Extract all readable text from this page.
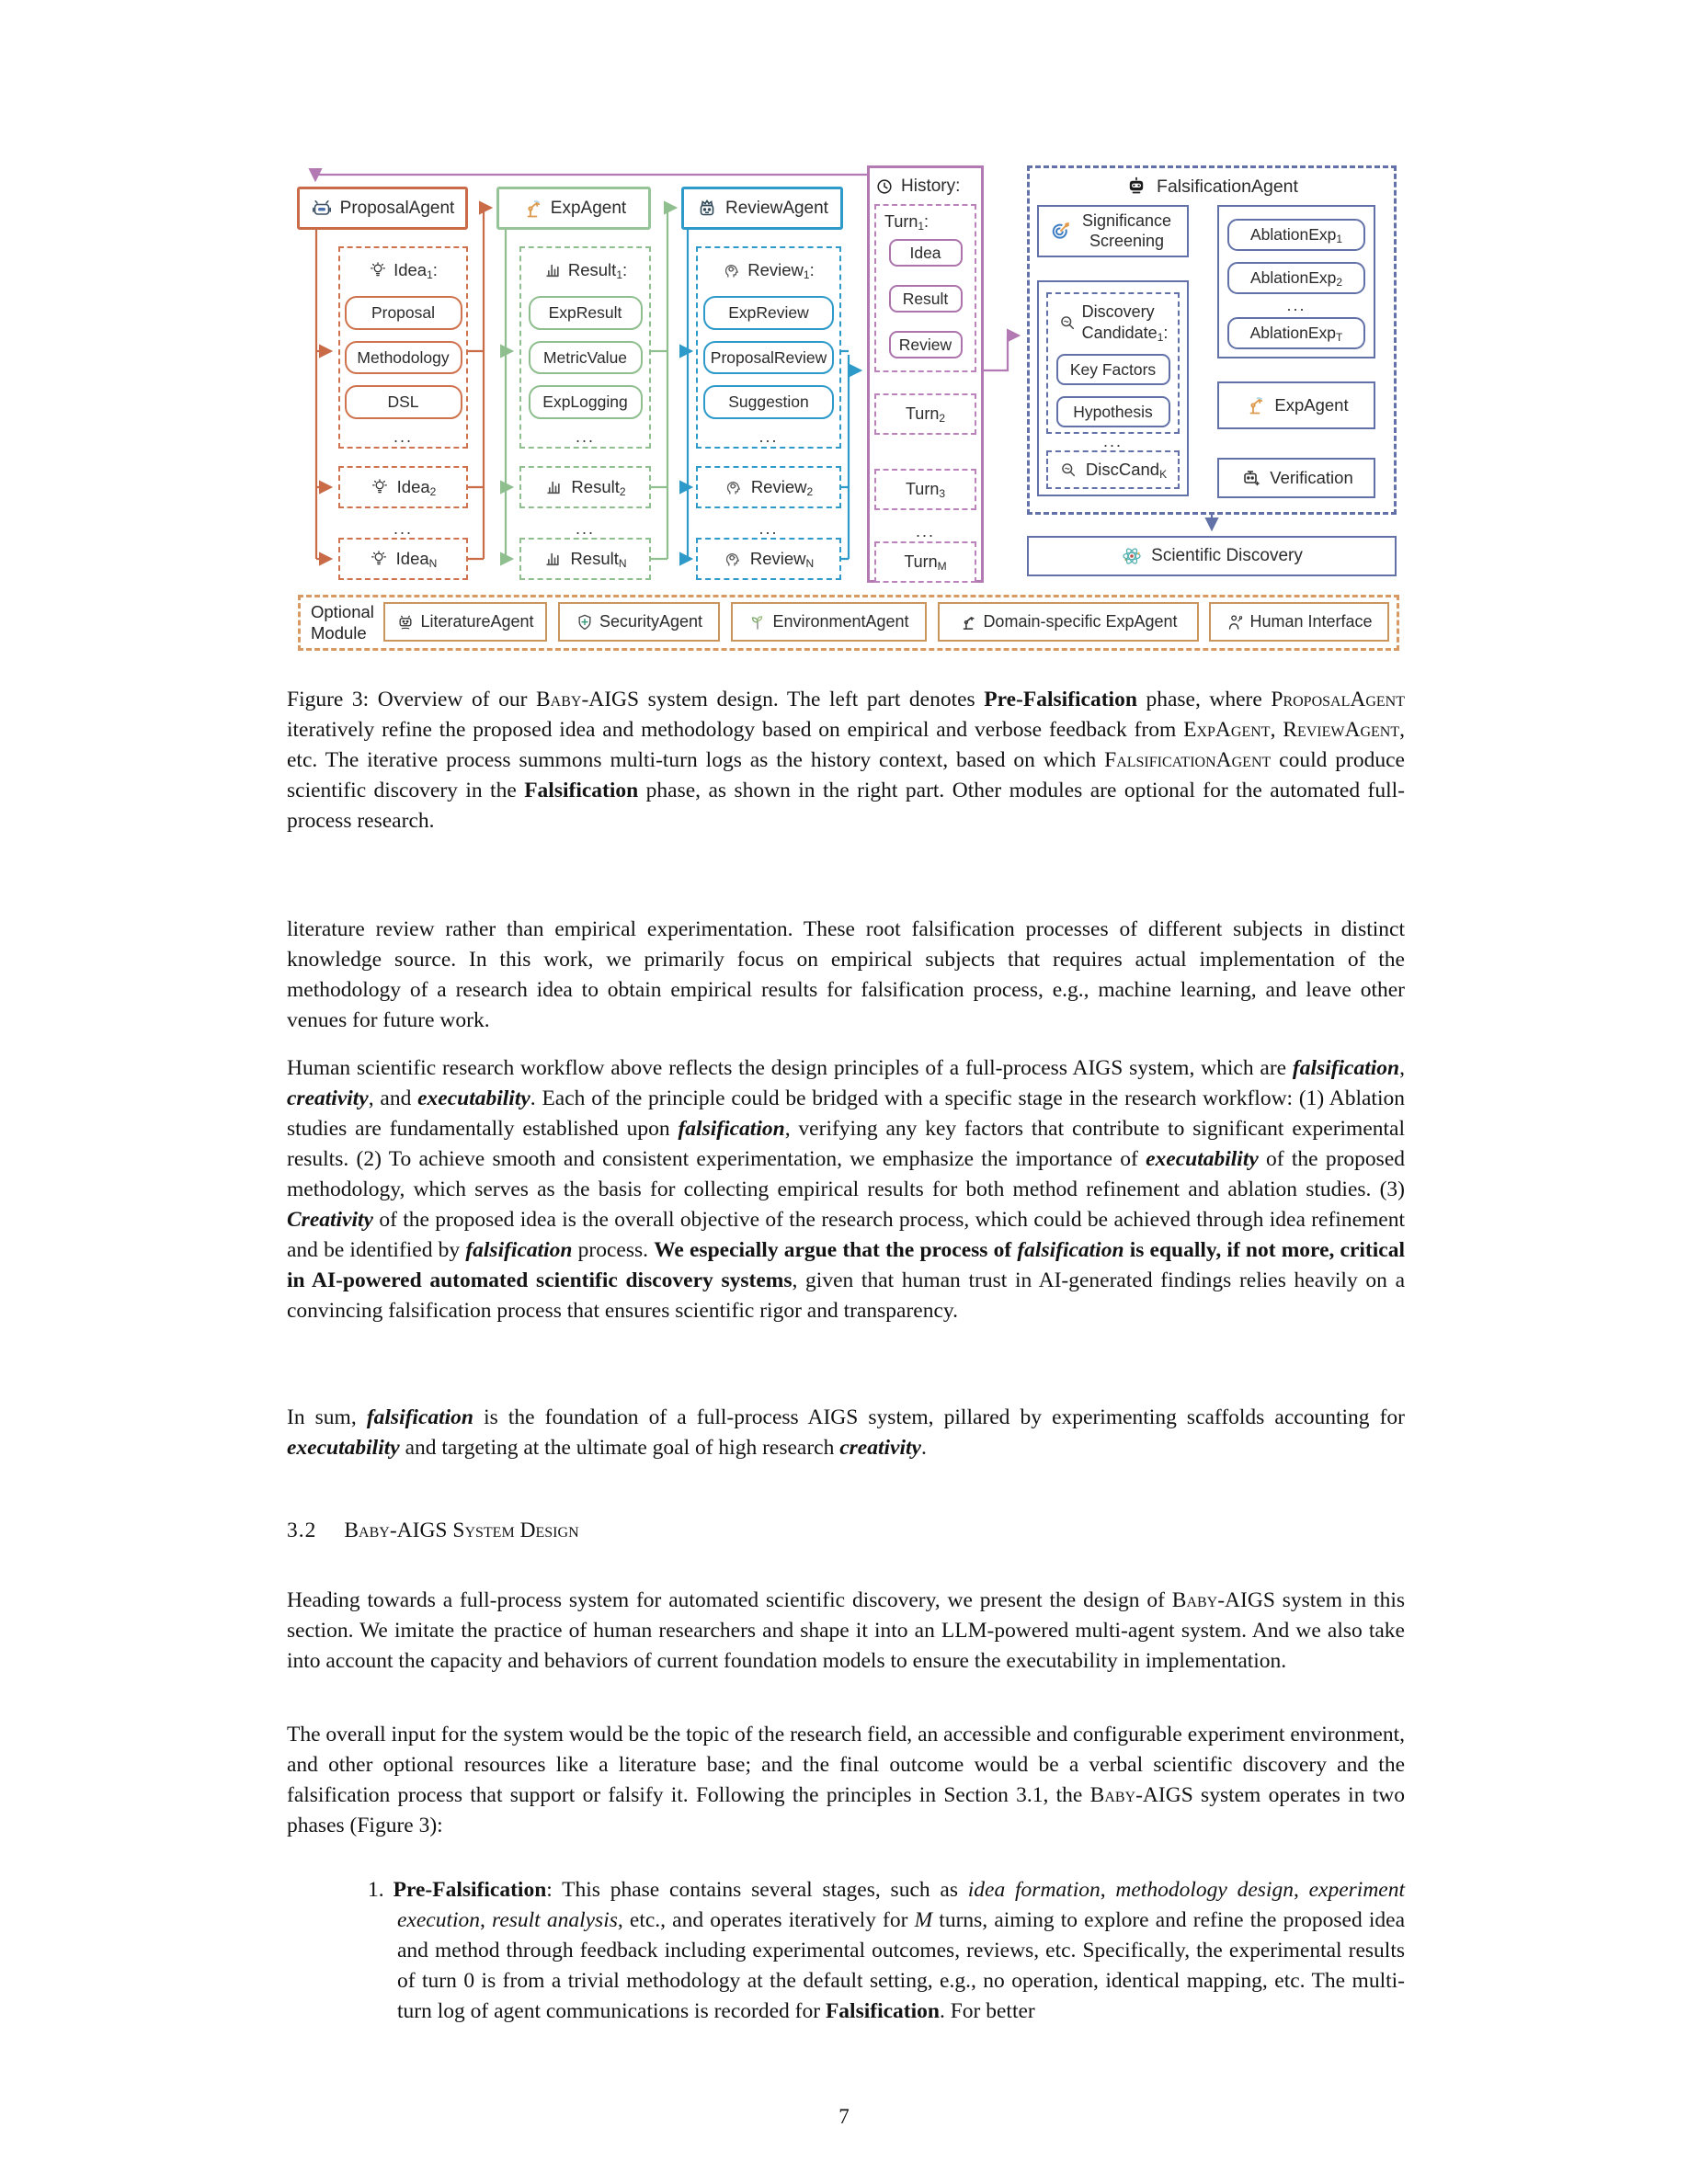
ProposalAgent
Idea$_1$:
Proposal
Methodology
DSL
...
Idea$_2$
...
Idea$_N$
ExpAgent
Result$_1$:
ExpResult
MetricValue
ExpLogging
...
Result$_2$
...
Result$_N$
ReviewAgent
Review$_1$:
ExpReview
ProposalReview
Suggestion
...
Review$_2$
...
Review$_N$
History:
Turn$_1$:
Idea
Result
Review
Turn$_2$
Turn$_3$
...
Turn$_M$
FalsificationAgent
Significance Screening
Discovery
Candidate$_1$:
Key Factors
Hypothesis
...
DiscCand$_K$
AblationExp$_1$
AblationExp$_2$
...
AblationExp$_T$
ExpAgent
Verification
Scientific Discovery
Optional
Module
LiteratureAgent	SecurityAgent	EnvironmentAgent	Domain-specific ExpAgent	Human Interface
Figure 3: Overview of our Baby-AIGS system design. The left part denotes Pre-Falsification phase, where ProposalAgent iteratively refine the proposed idea and methodology based on empirical and verbose feedback from ExpAgent, ReviewAgent, etc. The iterative process summons multi-turn logs as the history context, based on which FalsificationAgent could produce scientific discovery in the Falsification phase, as shown in the right part. Other modules are optional for the automated full-process research.
literature review rather than empirical experimentation. These root falsification processes of different subjects in distinct knowledge source. In this work, we primarily focus on empirical subjects that requires actual implementation of the methodology of a research idea to obtain empirical results for falsification process, e.g., machine learning, and leave other venues for future work.
Human scientific research workflow above reflects the design principles of a full-process AIGS system, which are falsification, creativity, and executability. Each of the principle could be bridged with a specific stage in the research workflow: (1) Ablation studies are fundamentally established upon falsification, verifying any key factors that contribute to significant experimental results. (2) To achieve smooth and consistent experimentation, we emphasize the importance of executability of the proposed methodology, which serves as the basis for collecting empirical results for both method refinement and ablation studies. (3) Creativity of the proposed idea is the overall objective of the research process, which could be achieved through idea refinement and be identified by falsification process. We especially argue that the process of falsification is equally, if not more, critical in AI-powered automated scientific discovery systems, given that human trust in AI-generated findings relies heavily on a convincing falsification process that ensures scientific rigor and transparency.
In sum, falsification is the foundation of a full-process AIGS system, pillared by experimenting scaffolds accounting for executability and targeting at the ultimate goal of high research creativity.
3.2 Baby-AIGS System Design
Heading towards a full-process system for automated scientific discovery, we present the design of Baby-AIGS system in this section. We imitate the practice of human researchers and shape it into an LLM-powered multi-agent system. And we also take into account the capacity and behaviors of current foundation models to ensure the executability in implementation.
The overall input for the system would be the topic of the research field, an accessible and configurable experiment environment, and other optional resources like a literature base; and the final outcome would be a verbal scientific discovery and the falsification process that support or falsify it. Following the principles in Section 3.1, the Baby-AIGS system operates in two phases (Figure 3):
1. Pre-Falsification: This phase contains several stages, such as idea formation, methodology design, experiment execution, result analysis, etc., and operates iteratively for M turns, aiming to explore and refine the proposed idea and method through feedback including experimental outcomes, reviews, etc. Specifically, the experimental results of turn 0 is from a trivial methodology at the default setting, e.g., no operation, identical mapping, etc. The multi-turn log of agent communications is recorded for Falsification. For better
7
